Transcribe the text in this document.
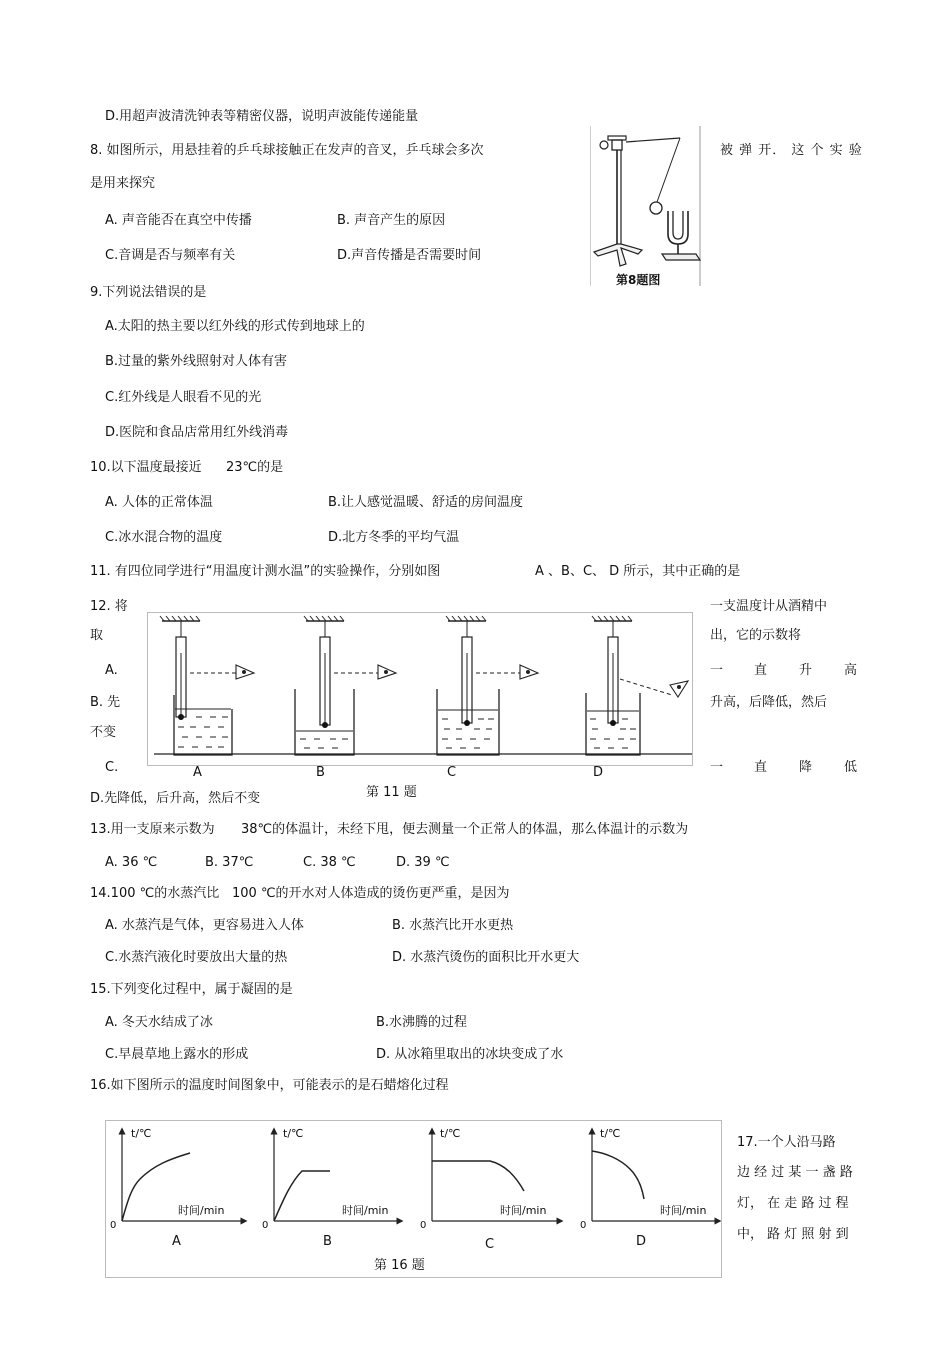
D.用超声波清洗钟表等精密仪器，说明声波能传递能量
8. 如图所示，用悬挂着的乒乓球接触正在发声的音叉，乒乓球会多次	被 弹 开． 这 个 实 验
是用来探究
A. 声音能否在真空中传播	B. 声音产生的原因
C.音调是否与频率有关	D.声音传播是否需要时间
第8题图
9.下列说法错误的是
A.太阳的热主要以红外线的形式传到地球上的
B.过量的紫外线照射对人体有害
C.红外线是人眼看不见的光
D.医院和食品店常用红外线消毒
10.以下温度最接近 23℃的是
A. 人体的正常体温	B.让人感觉温暖、舒适的房间温度
C.冰水混合物的温度	D.北方冬季的平均气温
11. 有四位同学进行“用温度计测水温”的实验操作，分别如图	A 、B、C、 D 所示，其中正确的是
12. 将	一支温度计从酒精中
取	出，它的示数将
A.	一 直 升 高
B. 先	升高，后降低，然后
不变
C.	一 直 降 低
D.先降低，后升高，然后不变
A	B	C	D
第 11 题
13.用一支原来示数为 38℃的体温计，未经下甩，便去测量一个正常人的体温，那么体温计的示数为
A. 36 ℃	B. 37℃	C. 38 ℃	D. 39 ℃
14.100 ℃的水蒸汽比 100 ℃的开水对人体造成的烫伤更严重，是因为
A. 水蒸汽是气体，更容易进入人体	B. 水蒸汽比开水更热
C.水蒸汽液化时要放出大量的热	D. 水蒸汽烫伤的面积比开水更大
15.下列变化过程中，属于凝固的是
A. 冬天水结成了冰	B.水沸腾的过程
C.早晨草地上露水的形成	D. 从冰箱里取出的冰块变成了水
16.如下图所示的温度时间图象中，可能表示的是石蜡熔化过程
t/℃
时间/min
0
A
t/℃
时间/min
0
B
t/℃
时间/min
0
C
t/℃
时间/min
0
D
第 16 题
17.一个人沿马路
边 经 过 某 一 盏 路
灯， 在 走 路 过 程
中， 路 灯 照 射 到
